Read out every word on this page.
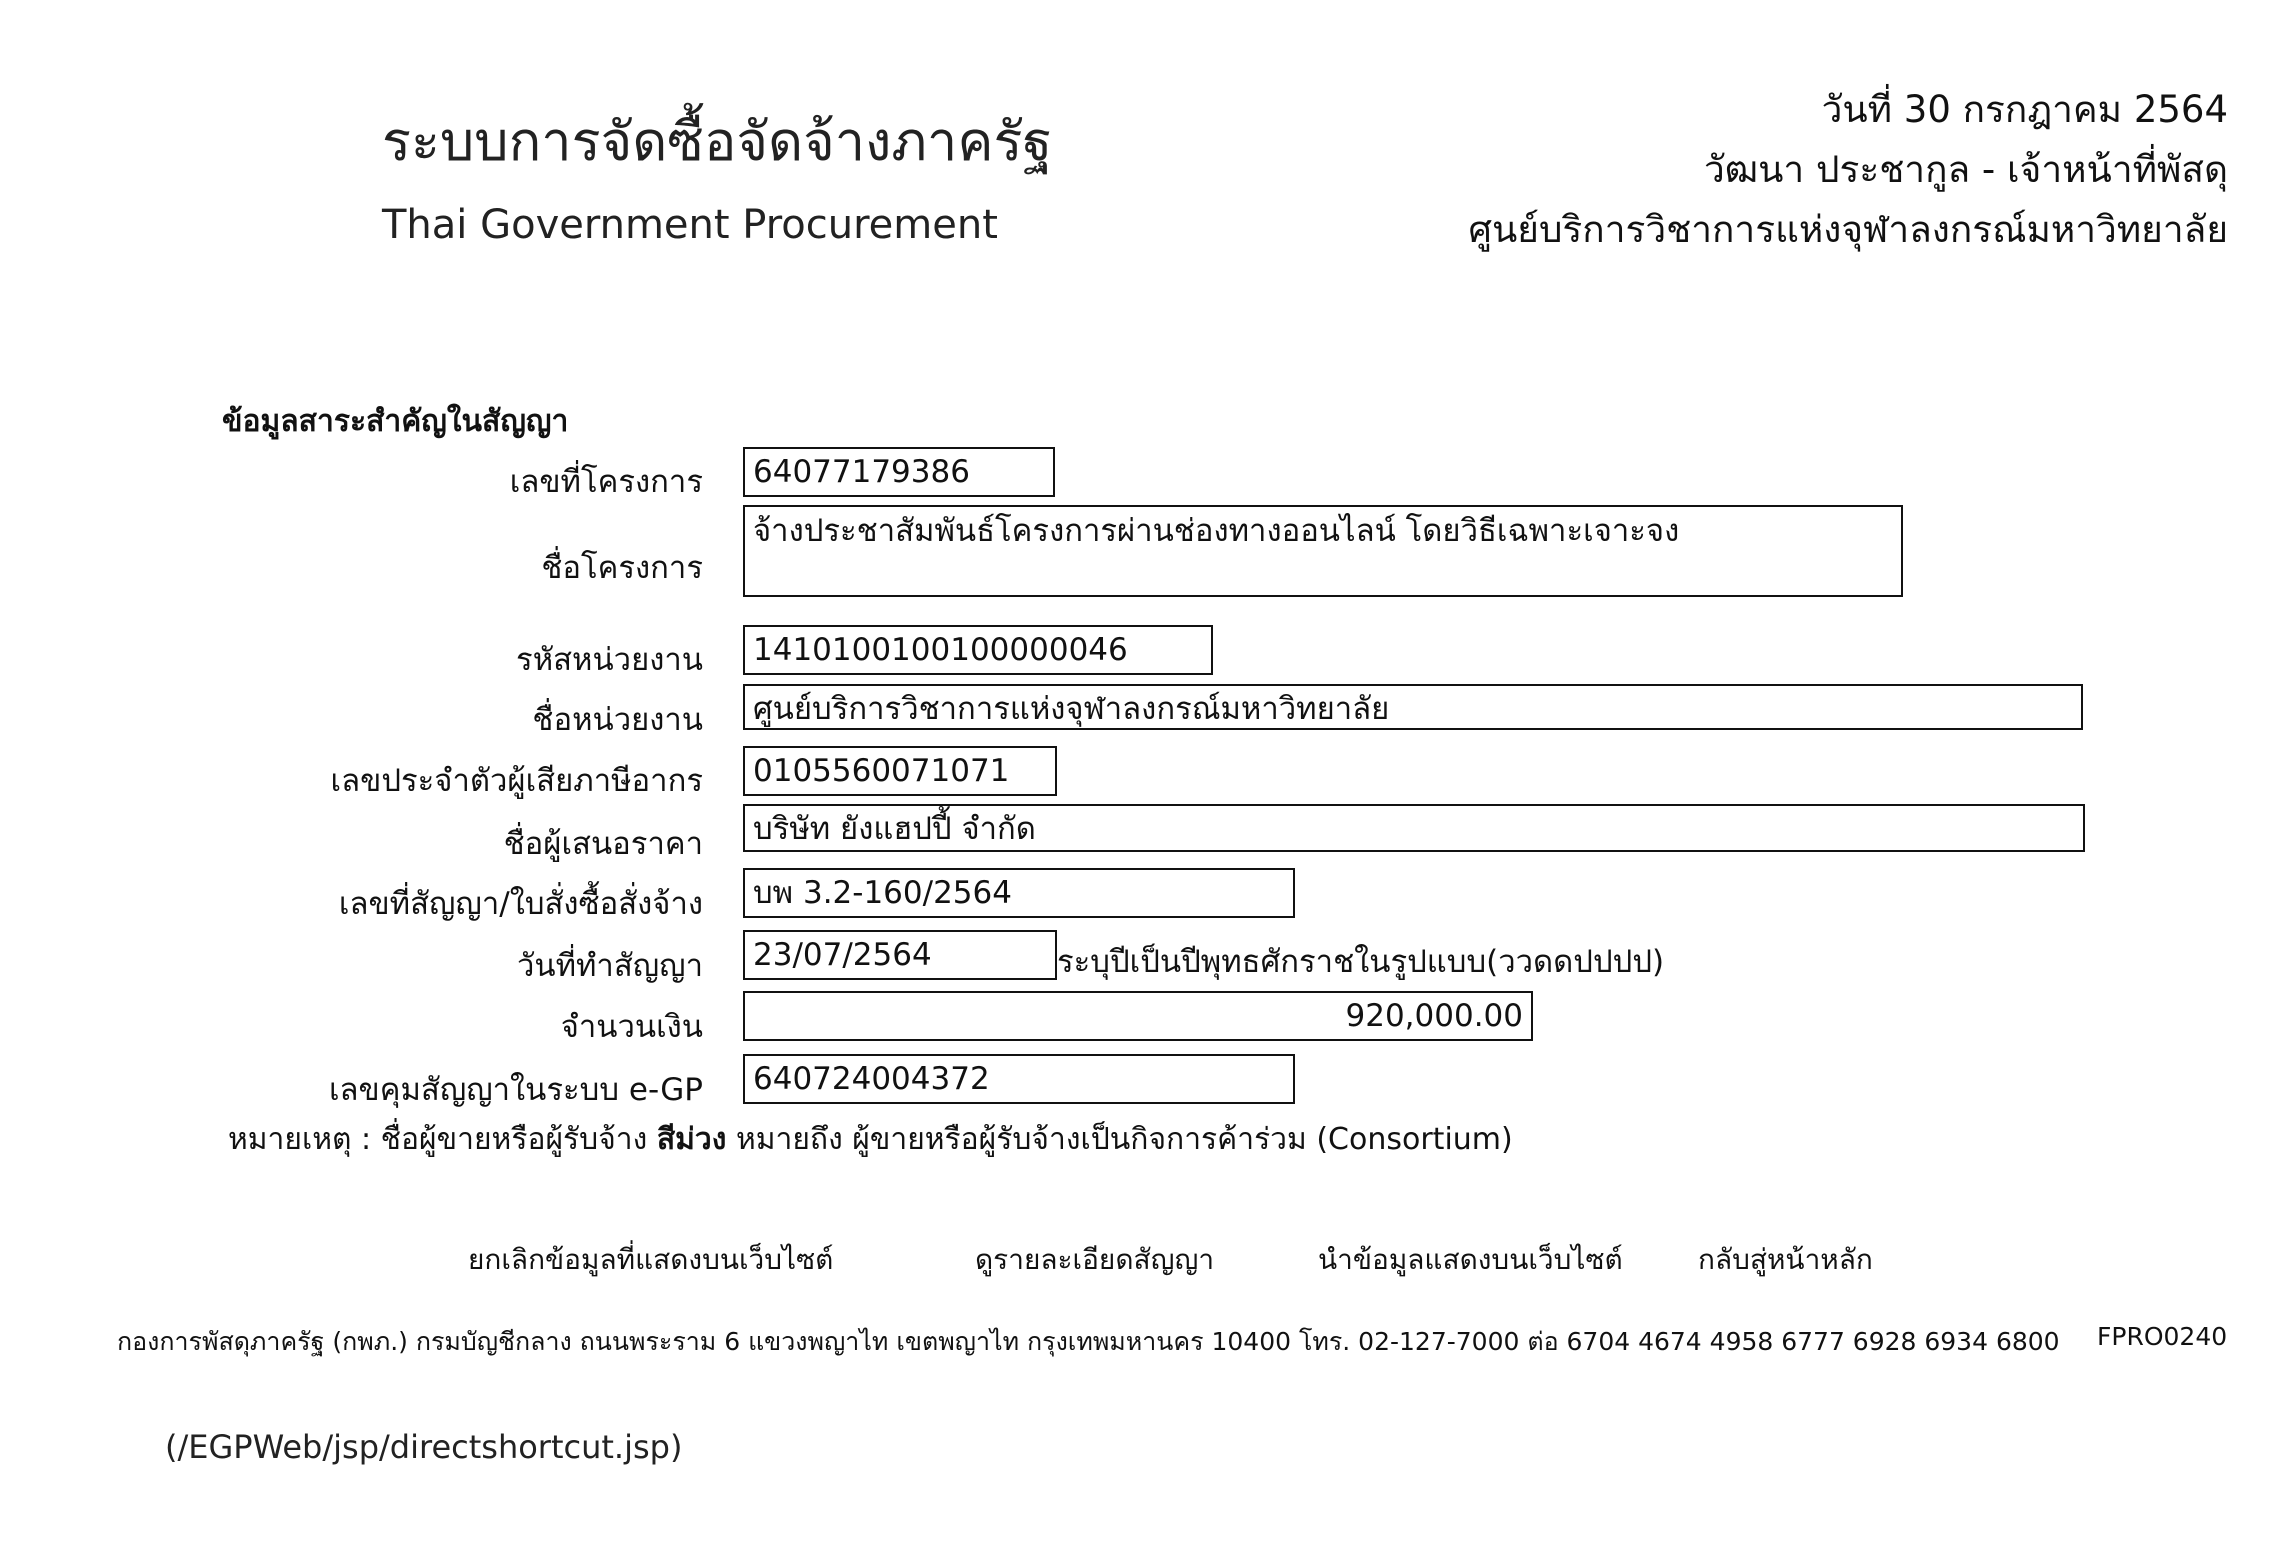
ระบบการจัดซื้อจัดจ้างภาครัฐ
Thai Government Procurement
วันที่ 30 กรกฎาคม 2564
วัฒนา ประชากูล - เจ้าหน้าที่พัสดุ
ศูนย์บริการวิชาการแห่งจุฬาลงกรณ์มหาวิทยาลัย
ข้อมูลสาระสำคัญในสัญญา
เลขที่โครงการ	64077179386
ชื่อโครงการ
จ้างประชาสัมพันธ์โครงการผ่านช่องทางออนไลน์ โดยวิธีเฉพาะเจาะจง
รหัสหน่วยงาน	1410100100100000046
ชื่อหน่วยงาน	ศูนย์บริการวิชาการแห่งจุฬาลงกรณ์มหาวิทยาลัย
เลขประจำตัวผู้เสียภาษีอากร	0105560071071
ชื่อผู้เสนอราคา	บริษัท ยังแฮปปี้ จำกัด
เลขที่สัญญา/ใบสั่งซื้อสั่งจ้าง	บพ 3.2-160/2564
วันที่ทำสัญญา	23/07/2564	ระบุปีเป็นปีพุทธศักราชในรูปแบบ(ววดดปปปป)
จำนวนเงิน	920,000.00
เลขคุมสัญญาในระบบ e-GP	640724004372
หมายเหตุ : ชื่อผู้ขายหรือผู้รับจ้าง สีม่วง หมายถึง ผู้ขายหรือผู้รับจ้างเป็นกิจการค้าร่วม (Consortium)
ยกเลิกข้อมูลที่แสดงบนเว็บไซต์	ดูรายละเอียดสัญญา	นำข้อมูลแสดงบนเว็บไซต์	กลับสู่หน้าหลัก
กองการพัสดุภาครัฐ (กพภ.) กรมบัญชีกลาง ถนนพระราม 6 แขวงพญาไท เขตพญาไท กรุงเทพมหานคร 10400 โทร. 02-127-7000 ต่อ 6704 4674 4958 6777 6928 6934 6800 FPRO0240
(/EGPWeb/jsp/directshortcut.jsp)
